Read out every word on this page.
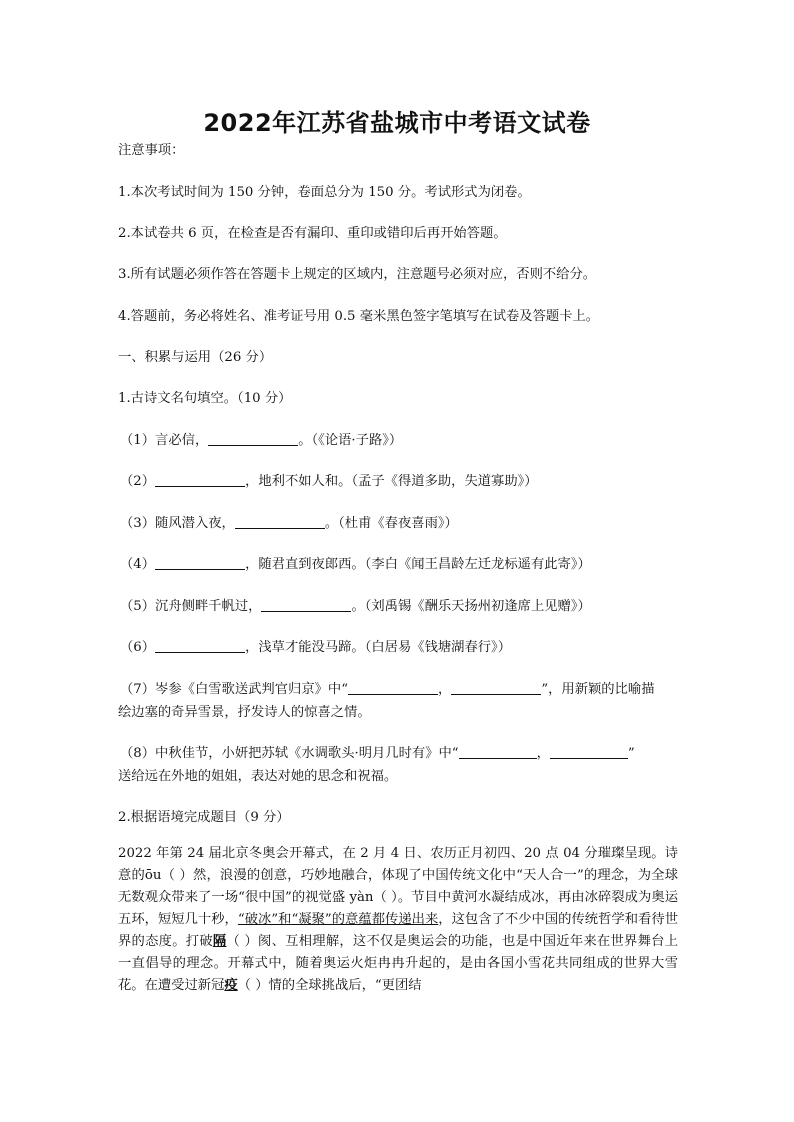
2022年江苏省盐城市中考语文试卷
注意事项：
1.本次考试时间为 150 分钟，卷面总分为 150 分。考试形式为闭卷。
2.本试卷共 6 页，在检查是否有漏印、重印或错印后再开始答题。
3.所有试题必须作答在答题卡上规定的区域内，注意题号必须对应，否则不给分。
4.答题前，务必将姓名、准考证号用 0.5 毫米黑色签字笔填写在试卷及答题卡上。
一、积累与运用（26 分）
1.古诗文名句填空。（10 分）
（1）言必信，	。（《论语·子路》）
（2）	，地利不如人和。（孟子《得道多助，失道寡助》）
（3）随风潜入夜，	。（杜甫《春夜喜雨》）
（4）	，随君直到夜郎西。（李白《闻王昌龄左迁龙标遥有此寄》）
（5）沉舟侧畔千帆过，	。（刘禹锡《酬乐天扬州初逢席上见赠》）
（6）	，浅草才能没马蹄。（白居易《钱塘湖春行》）
（7）岑参《白雪歌送武判官归京》中“	，	”，用新颖的比喻描
绘边塞的奇异雪景，抒发诗人的惊喜之情。
（8）中秋佳节，小妍把苏轼《水调歌头·明月几时有》中“	，	”
送给远在外地的姐姐，表达对她的思念和祝福。
2.根据语境完成题目（9 分）
2022 年第 24 届北京冬奥会开幕式，在 2 月 4 日、农历正月初四、20 点 04 分璀璨呈现。诗意的ōu（ ）然，浪漫的创意，巧妙地融合，体现了中国传统文化中“天人合一”的理念，为全球无数观众带来了一场“很中国”的视觉盛 yàn（ ）。节目中黄河水凝结成冰，再由冰碎裂成为奥运五环，短短几十秒，“破冰”和“凝聚”的意蕴都传递出来，这包含了不少中国的传统哲学和看待世界的态度。打破隔（ ）阂、互相理解，这不仅是奥运会的功能，也是中国近年来在世界舞台上一直倡导的理念。开幕式中，随着奥运火炬冉冉升起的，是由各国小雪花共同组成的世界大雪花。在遭受过新冠疫（ ）情的全球挑战后，“更团结
